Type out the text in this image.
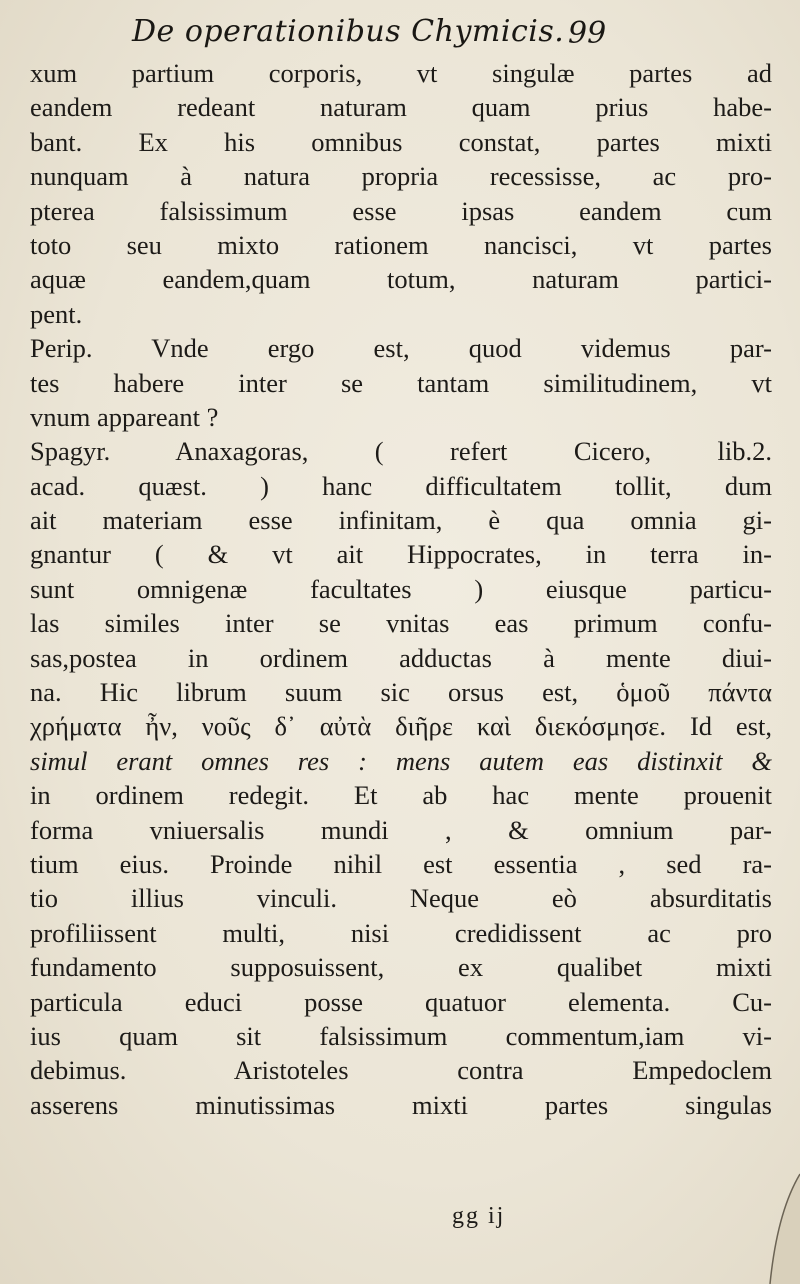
De operationibus Chymicis. 99
xum partium corporis, vt singulæ partes ad
eandem redeant naturam quam prius habe-
bant. Ex his omnibus constat, partes mixti
nunquam à natura propria recessisse, ac pro-
pterea falsissimum esse ipsas eandem cum
toto seu mixto rationem nancisci, vt partes
aquæ eandem,quam totum, naturam partici-
pent.
Perip. Vnde ergo est, quod videmus par-
tes habere inter se tantam similitudinem, vt
vnum appareant ?
Spagyr. Anaxagoras, ( refert Cicero, lib.2.
acad. quæst. ) hanc difficultatem tollit, dum
ait materiam esse infinitam, è qua omnia gi-
gnantur ( & vt ait Hippocrates, in terra in-
sunt omnigenæ facultates ) eiusque particu-
las similes inter se vnitas eas primum confu-
sas,postea in ordinem adductas à mente diui-
na. Hic librum suum sic orsus est, ὁμοῦ πάντα
χρήματα ἦν, νοῦς δ᾽ αὐτὰ διῆρε καὶ διεκόσμησε. Id est,
simul erant omnes res : mens autem eas distinxit &
in ordinem redegit. Et ab hac mente prouenit
forma vniuersalis mundi , & omnium par-
tium eius. Proinde nihil est essentia , sed ra-
tio illius vinculi. Neque eò absurditatis
profiliissent multi, nisi credidissent ac pro
fundamento supposuissent, ex qualibet mixti
particula educi posse quatuor elementa. Cu-
ius quam sit falsissimum commentum,iam vi-
debimus. Aristoteles contra Empedoclem
asserens minutissimas mixti partes singulas
gg ij
